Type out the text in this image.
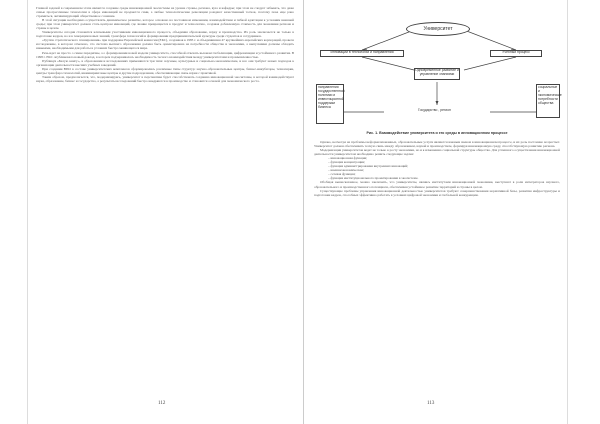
Главной задачей в современном этапе является создание среды инновационной экосистемы на уровне страны, региона, вуза и кафедры; при этом не следует забывать, что даже самые прогрессивные технологии в сфере инноваций не продаются сами, а любые технологические революции рождают качественный толчок, поэтому пока еще рано стремиться, активизирующий общественное сознание.

В этой ситуации необходимо осуществлять динамическое развитие, которое основано на постоянном изменении, взаимодействии и гибкой адаптации к условиям внешней среды; при этом университет должен стать центром инноваций, где знание превращается в продукт и технологию, создавая добавленную стоимость для экономики региона и страны в целом.

Университеты сегодня становятся ключевыми участниками инновационного процесса, объединяя образование, науку и производство. Их роль заключается не только в подготовке кадров, но и в генерации новых знаний, трансфере технологий и формировании предпринимательской культуры среди студентов и сотрудников.

«Группа стратегического планирования» при поддержке Европейской комиссии (ЕКС), созданная в 1983 г. и объединившая 47 крупнейших европейских корпораций, провела исследование, в котором отмечено, что система высшего образования должна быть ориентирована на потребности общества и экономики, а выпускники должны обладать навыками, необходимыми для работы в условиях быстро меняющегося мира.

Речь идет не просто о смене парадигмы, а о формировании новой модели университета, способной отвечать вызовам глобализации, цифровизации и устойчивого развития. В 1998 г. ЕКС опубликовала новый доклад, в котором подчеркивалась необходимость тесного взаимодействия между университетами и промышленностью.

Публикуя «Белую книгу», в образовании и исследованиях применяются три типа: научные, культурные и социально-экономические, и все они требуют новых подходов к организации деятельности высших учебных заведений.

При создании ВПО в составе университетских комплексов сформировались различные типы структур: научно-образовательные центры, бизнес-инкубаторы, технопарки, центры трансфера технологий, инжиниринговые центры и другие подразделения, обеспечивающие связь науки с практикой.

Таким образом, предполагается, что, модернизируясь, университет в перспективе будет способствовать созданию инновационной экосистемы, в которой взаимодействуют наука, образование, бизнес и государство, а результаты исследований быстро внедряются в производство и становятся основой для экономического роста.

112
Университет
Инновации в технологии и направления	Учебный процесс
Одновременное развитие и управление знаниями
направления государственной политики и инвестиционной поддержки бизнеса
социальные и экономические потребности общества
Государство , регион
Рис. 1. Взаимодействие университета и его среды в инновационном процессе

Однако, несмотря на проблемы неформализованных, образовательные услуги являются важным звеном в инновационном процессе, и их роль постоянно возрастает. Университет должен обеспечивать тесную связь между образованием, наукой и производством, формируя инновационную среду, способствующую развитию региона.

Модернизация университетов ведет не только к росту экономики, но и к изменению социальной структуры общества. Для успешного осуществления инновационной деятельности университетам необходимо решить следующие задачи:

– инновационная функция;
– функция концентрации;
– функция администрирования внутренних инноваций;
– внешнеэкономическая;
– сетевая функция;
– функция институционального проектирования в экосистеме.

Обобщая вышесказанное, можно заключить, что университеты, являясь институтами инновационной экономики, выступают в роли интеграторов научного, образовательного и производственного потенциала, обеспечивая устойчивое развитие территорий и страны в целом.

Существующие проблемы управления инновационной деятельностью университетов требуют совершенствования нормативной базы, развития инфраструктуры и подготовки кадров, способных эффективно работать в условиях цифровой экономики и глобальной конкуренции.

113
